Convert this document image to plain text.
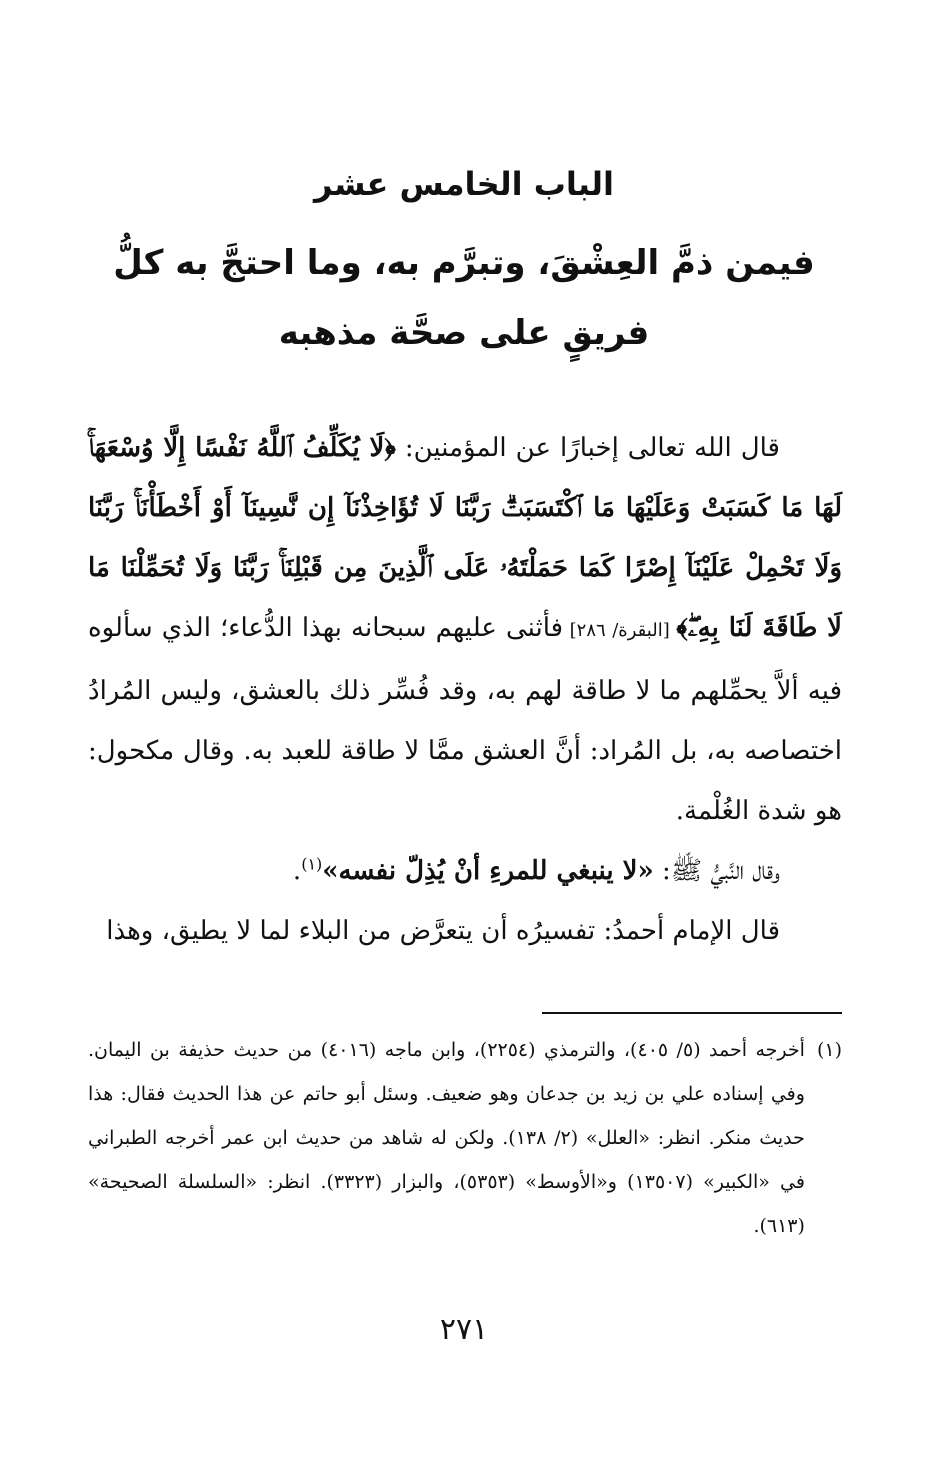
الباب الخامس عشر
فيمن ذمَّ العِشْقَ، وتبرَّم به، وما احتجَّ به كلُّ فريقٍ على صحَّة مذهبه

قال الله تعالى إخبارًا عن المؤمنين: ﴿لَا يُكَلِّفُ ٱللَّهُ نَفْسًا إِلَّا وُسْعَهَاۚ لَهَا مَا كَسَبَتْ وَعَلَيْهَا مَا ٱكْتَسَبَتْۗ رَبَّنَا لَا تُؤَاخِذْنَآ إِن نَّسِينَآ أَوْ أَخْطَأْنَاۚ رَبَّنَا وَلَا تَحْمِلْ عَلَيْنَآ إِصْرًا كَمَا حَمَلْتَهُۥ عَلَى ٱلَّذِينَ مِن قَبْلِنَاۚ رَبَّنَا وَلَا تُحَمِّلْنَا مَا لَا طَاقَةَ لَنَا بِهِۦۖ﴾ [البقرة/ ٢٨٦] فأثنى عليهم سبحانه بهذا الدُّعاء؛ الذي سألوه فيه ألاَّ يحمِّلهم ما لا طاقة لهم به، وقد فُسِّر ذلك بالعشق، وليس المُرادُ اختصاصه به، بل المُراد: أنَّ العشق ممَّا لا طاقة للعبد به. وقال مكحول: هو شدة الغُلْمة.

وقال النَّبيُّ ﷺ: «لا ينبغي للمرءِ أنْ يُذِلّ نفسه»$^{(١)}$.

قال الإمام أحمدُ: تفسيرُه أن يتعرَّض من البلاء لما لا يطيق، وهذا

(١)
أخرجه أحمد (٥/ ٤٠٥)، والترمذي (٢٢٥٤)، وابن ماجه (٤٠١٦) من حديث حذيفة بن اليمان. وفي إسناده علي بن زيد بن جدعان وهو ضعيف. وسئل أبو حاتم عن هذا الحديث فقال: هذا حديث منكر. انظر: «العلل» (٢/ ١٣٨). ولكن له شاهد من حديث ابن عمر أخرجه الطبراني في «الكبير» (١٣٥٠٧) و«الأوسط» (٥٣٥٣)، والبزار (٣٣٢٣). انظر: «السلسلة الصحيحة» (٦١٣).
٢٧١
